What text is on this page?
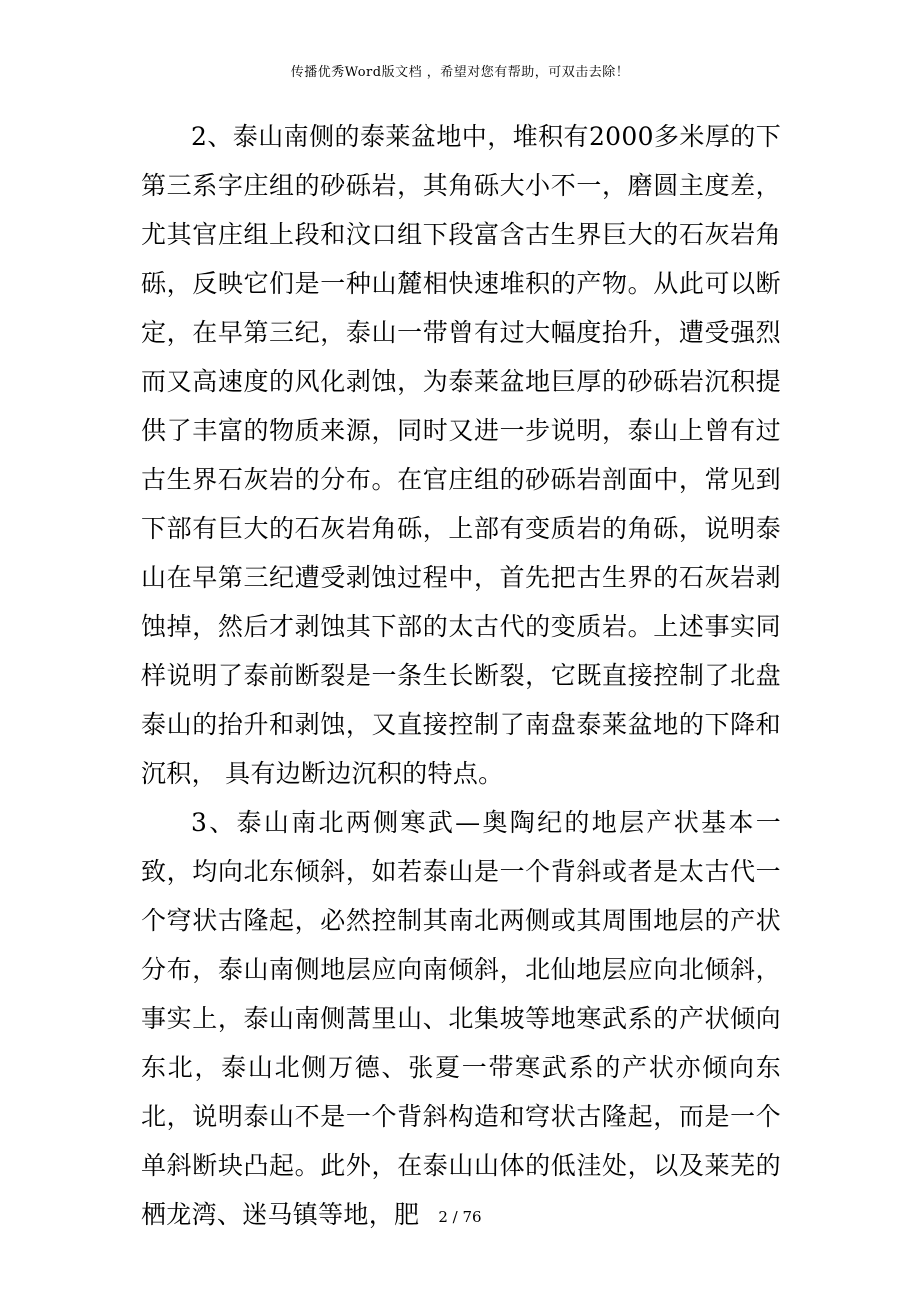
传播优秀Word版文档 ，希望对您有帮助，可双击去除！

2、泰山南侧的泰莱盆地中，堆积有2000多米厚的下第三系字庄组的砂砾岩，其角砾大小不一，磨圆主度差，尤其官庄组上段和汶口组下段富含古生界巨大的石灰岩角砾，反映它们是一种山麓相快速堆积的产物。从此可以断定，在早第三纪，泰山一带曾有过大幅度抬升，遭受强烈而又高速度的风化剥蚀，为泰莱盆地巨厚的砂砾岩沉积提供了丰富的物质来源，同时又进一步说明，泰山上曾有过古生界石灰岩的分布。在官庄组的砂砾岩剖面中，常见到下部有巨大的石灰岩角砾，上部有变质岩的角砾，说明泰山在早第三纪遭受剥蚀过程中，首先把古生界的石灰岩剥蚀掉，然后才剥蚀其下部的太古代的变质岩。上述事实同样说明了泰前断裂是一条生长断裂，它既直接控制了北盘泰山的抬升和剥蚀，又直接控制了南盘泰莱盆地的下降和沉积， 具有边断边沉积的特点。

3、泰山南北两侧寒武—奥陶纪的地层产状基本一致，均向北东倾斜，如若泰山是一个背斜或者是太古代一个穹状古隆起，必然控制其南北两侧或其周围地层的产状分布，泰山南侧地层应向南倾斜，北仙地层应向北倾斜，事实上，泰山南侧蒿里山、北集坡等地寒武系的产状倾向东北，泰山北侧万德、张夏一带寒武系的产状亦倾向东北，说明泰山不是一个背斜构造和穹状古隆起，而是一个单斜断块凸起。此外，在泰山山体的低洼处，以及莱芜的栖龙湾、迷马镇等地，肥	2 / 76
